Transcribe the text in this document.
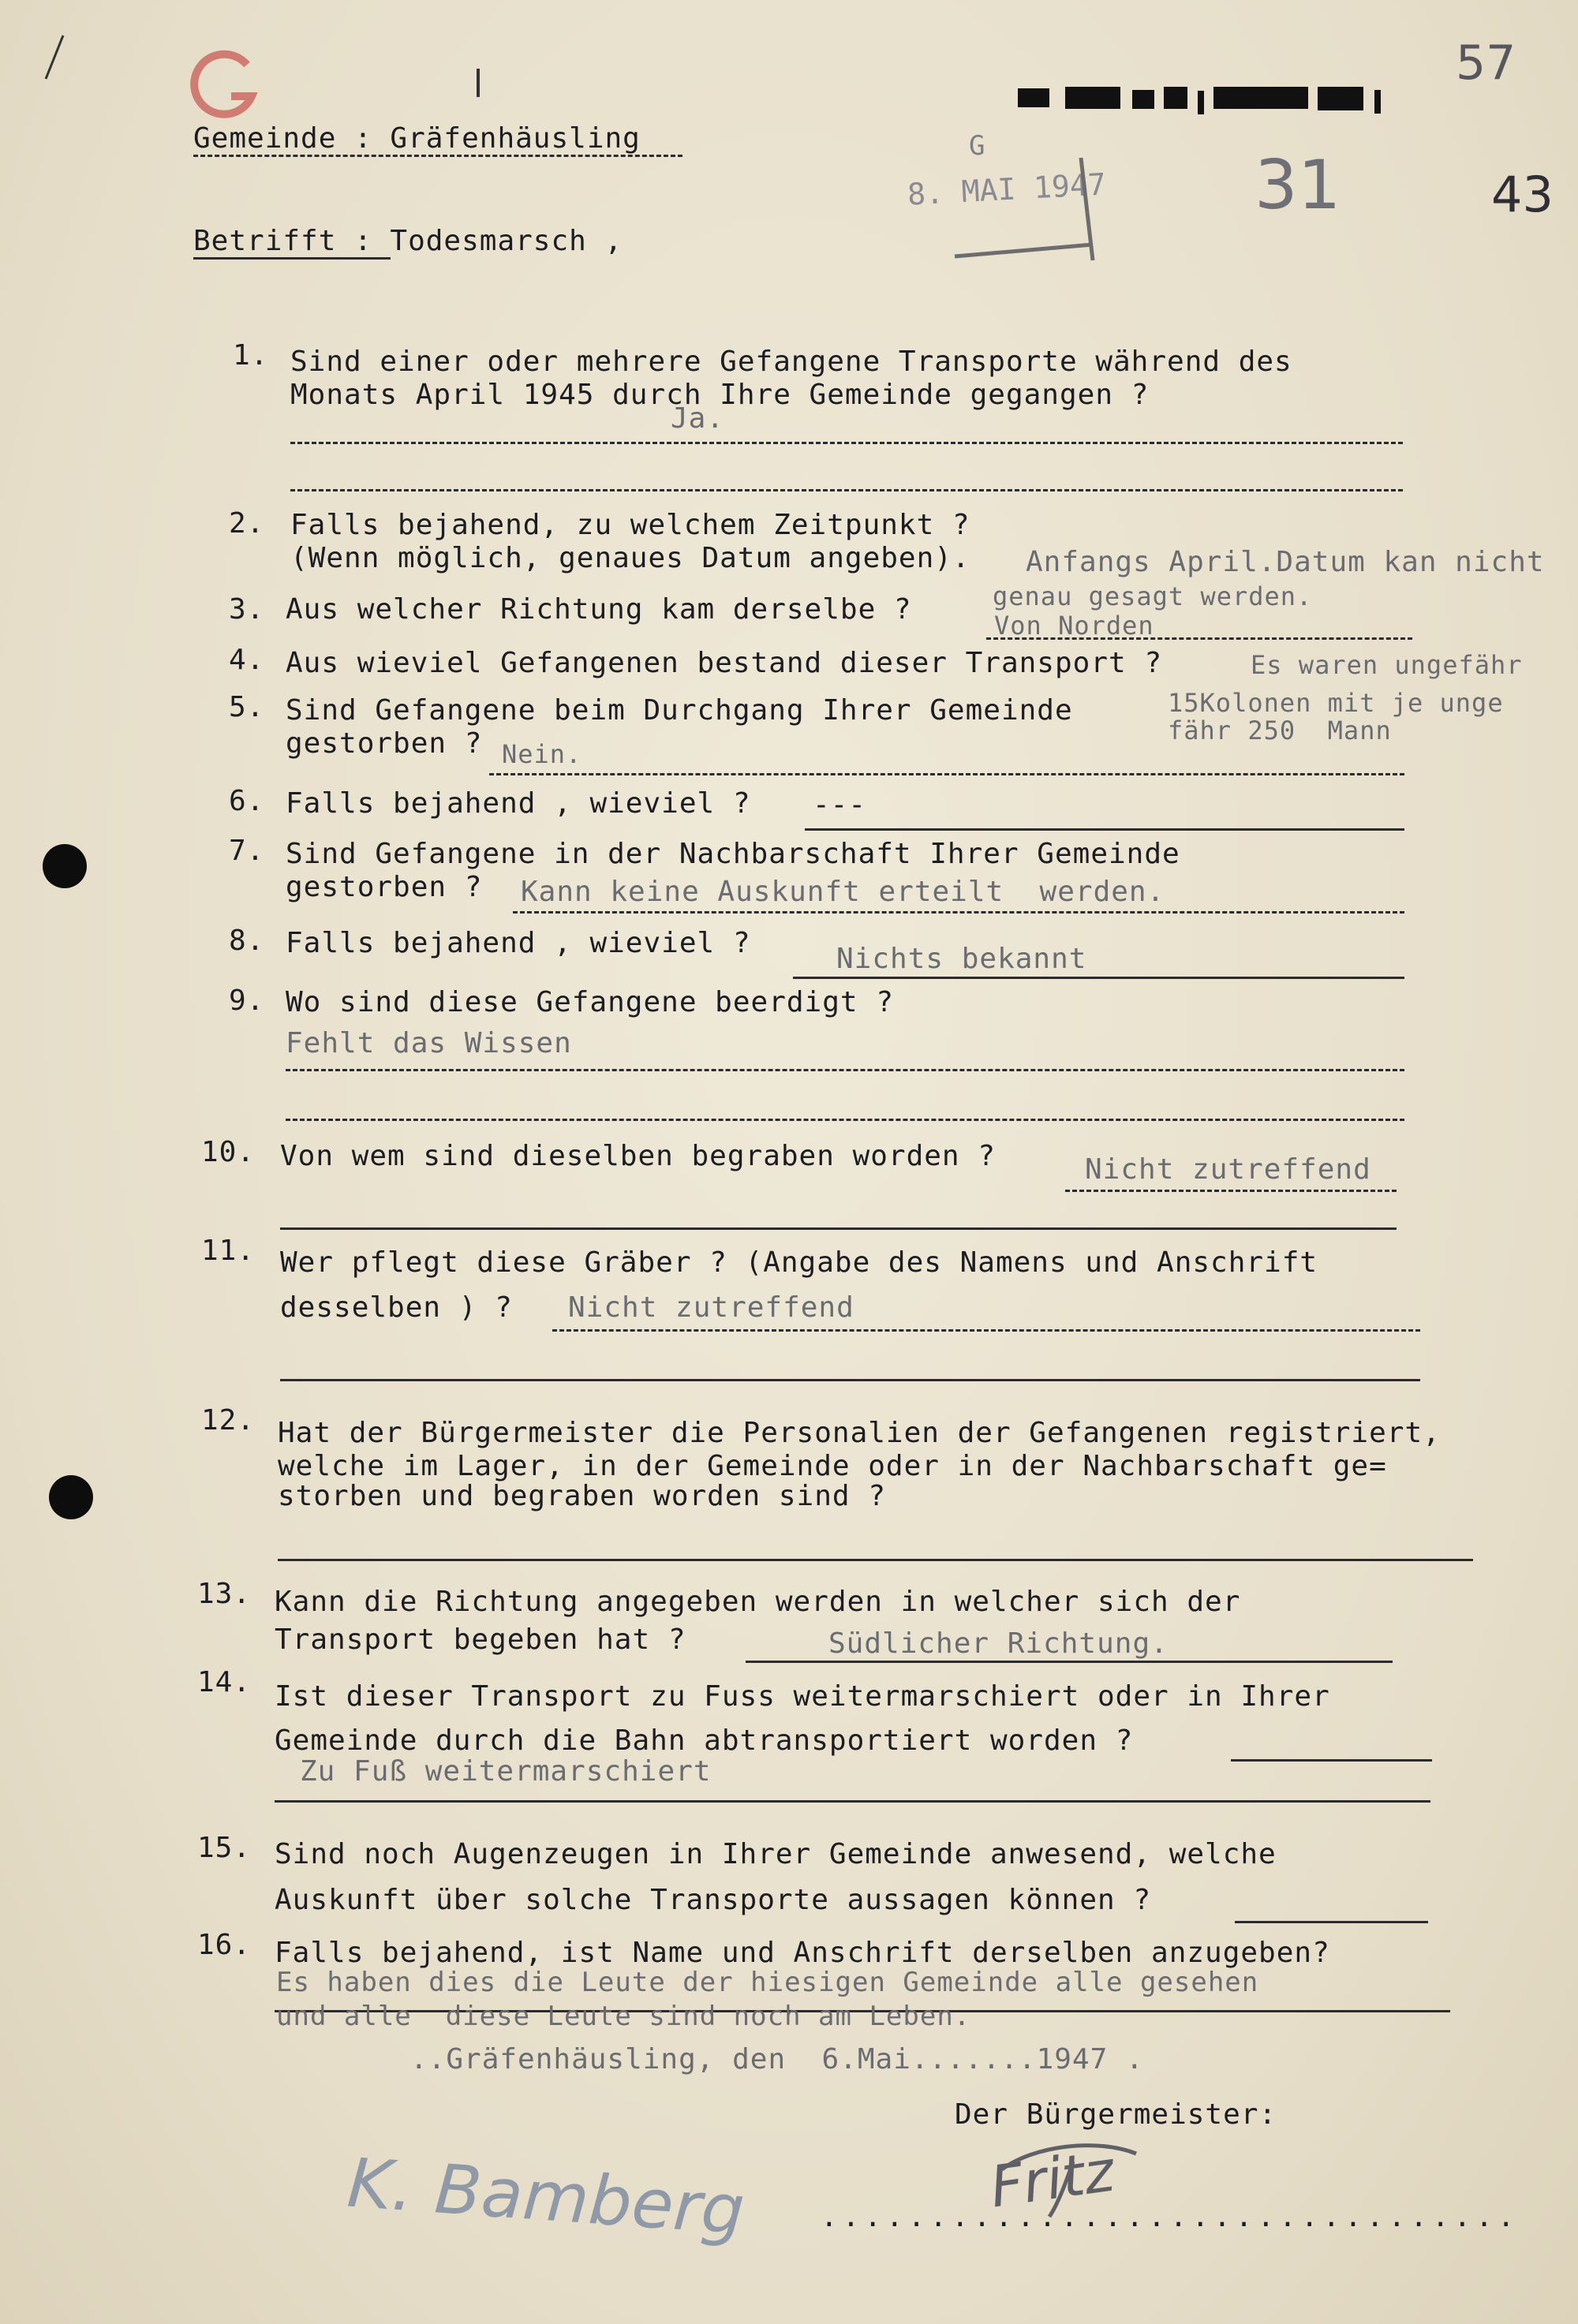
G
8. MAI 1947
57
31	43
Gemeinde : Gräfenhäusling
Betrifft : Todesmarsch ,
1. Sind einer oder mehrere Gefangene Transporte während des
Monats April 1945 durch Ihre Gemeinde gegangen ?
Ja.
2. Falls bejahend, zu welchem Zeitpunkt ?
(Wenn möglich, genaues Datum angeben). Anfangs April.Datum kan nicht
genau gesagt werden.
3. Aus welcher Richtung kam derselbe ?	Von Norden
4. Aus wieviel Gefangenen bestand dieser Transport ?	Es waren ungefähr
15Kolonen mit je unge
fähr 250  Mann
5. Sind Gefangene beim Durchgang Ihrer Gemeinde
gestorben ? Nein.
6. Falls bejahend , wieviel ? ---
7. Sind Gefangene in der Nachbarschaft Ihrer Gemeinde
gestorben ? Kann keine Auskunft erteilt  werden.
8. Falls bejahend , wieviel ?	Nichts bekannt
9. Wo sind diese Gefangene beerdigt ?
Fehlt das Wissen
10. Von wem sind dieselben begraben worden ?	Nicht zutreffend
11. Wer pflegt diese Gräber ? (Angabe des Namens und Anschrift
desselben ) ? Nicht zutreffend
12. Hat der Bürgermeister die Personalien der Gefangenen registriert,
welche im Lager, in der Gemeinde oder in der Nachbarschaft ge=
storben und begraben worden sind ?
13. Kann die Richtung angegeben werden in welcher sich der
Transport begeben hat ?	Südlicher Richtung.
14. Ist dieser Transport zu Fuss weitermarschiert oder in Ihrer
Gemeinde durch die Bahn abtransportiert worden ?
Zu Fuß weitermarschiert
15. Sind noch Augenzeugen in Ihrer Gemeinde anwesend, welche
Auskunft über solche Transporte aussagen können ?
16. Falls bejahend, ist Name und Anschrift derselben anzugeben?
Es haben dies die Leute der hiesigen Gemeinde alle gesehen
und alle  diese Leute sind noch am Leben.
..Gräfenhäusling, den  6.Mai.......1947 .
Der Bürgermeister:
K. Bamberg	................................
Fritz
